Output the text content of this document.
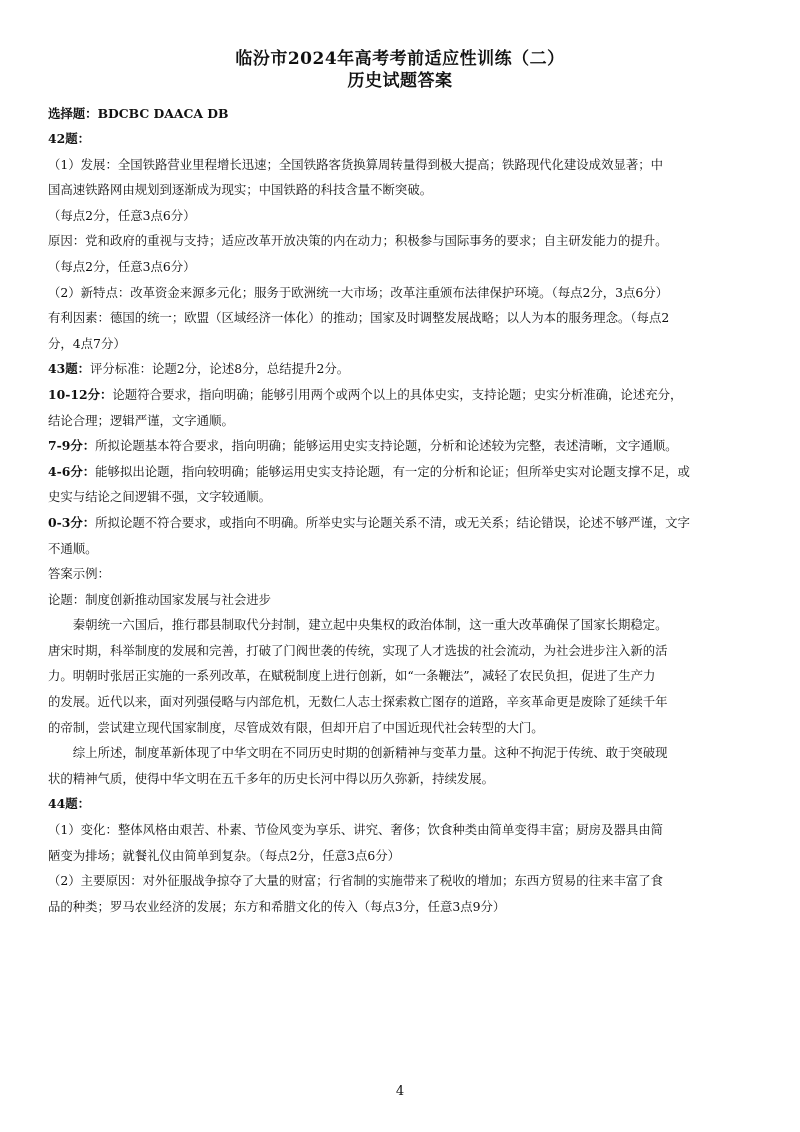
临汾市2024年高考考前适应性训练（二）

历史试题答案

选择题：BDCBC DAACA DB

42题：

（1）发展：全国铁路营业里程增长迅速；全国铁路客货换算周转量得到极大提高；铁路现代化建设成效显著；中

国高速铁路网由规划到逐渐成为现实；中国铁路的科技含量不断突破。

（每点2分，任意3点6分）

原因：党和政府的重视与支持；适应改革开放决策的内在动力；积极参与国际事务的要求；自主研发能力的提升。

（每点2分，任意3点6分）

（2）新特点：改革资金来源多元化；服务于欧洲统一大市场；改革注重颁布法律保护环境。（每点2分，3点6分）

有利因素：德国的统一；欧盟（区域经济一体化）的推动；国家及时调整发展战略；以人为本的服务理念。（每点2

分，4点7分）

43题：评分标准：论题2分，论述8分，总结提升2分。

10-12分：论题符合要求，指向明确；能够引用两个或两个以上的具体史实，支持论题；史实分析准确，论述充分，

结论合理；逻辑严谨，文字通顺。

7-9分：所拟论题基本符合要求，指向明确；能够运用史实支持论题，分析和论述较为完整，表述清晰，文字通顺。

4-6分：能够拟出论题，指向较明确；能够运用史实支持论题，有一定的分析和论证；但所举史实对论题支撑不足，或

史实与结论之间逻辑不强，文字较通顺。

0-3分：所拟论题不符合要求，或指向不明确。所举史实与论题关系不清，或无关系；结论错误，论述不够严谨，文字

不通顺。

答案示例：

论题：制度创新推动国家发展与社会进步

秦朝统一六国后，推行郡县制取代分封制，建立起中央集权的政治体制，这一重大改革确保了国家长期稳定。

唐宋时期，科举制度的发展和完善，打破了门阀世袭的传统，实现了人才选拔的社会流动，为社会进步注入新的活

力。明朝时张居正实施的一系列改革，在赋税制度上进行创新，如“一条鞭法”，减轻了农民负担，促进了生产力

的发展。近代以来，面对列强侵略与内部危机，无数仁人志士探索救亡图存的道路，辛亥革命更是废除了延续千年

的帝制，尝试建立现代国家制度，尽管成效有限，但却开启了中国近现代社会转型的大门。

综上所述，制度革新体现了中华文明在不同历史时期的创新精神与变革力量。这种不拘泥于传统、敢于突破现

状的精神气质，使得中华文明在五千多年的历史长河中得以历久弥新，持续发展。

44题：

（1）变化：整体风格由艰苦、朴素、节俭风变为享乐、讲究、奢侈；饮食种类由简单变得丰富；厨房及器具由简

陋变为排场；就餐礼仪由简单到复杂。（每点2分，任意3点6分）

（2）主要原因：对外征服战争掠夺了大量的财富；行省制的实施带来了税收的增加；东西方贸易的往来丰富了食

品的种类；罗马农业经济的发展；东方和希腊文化的传入（每点3分，任意3点9分）

4
